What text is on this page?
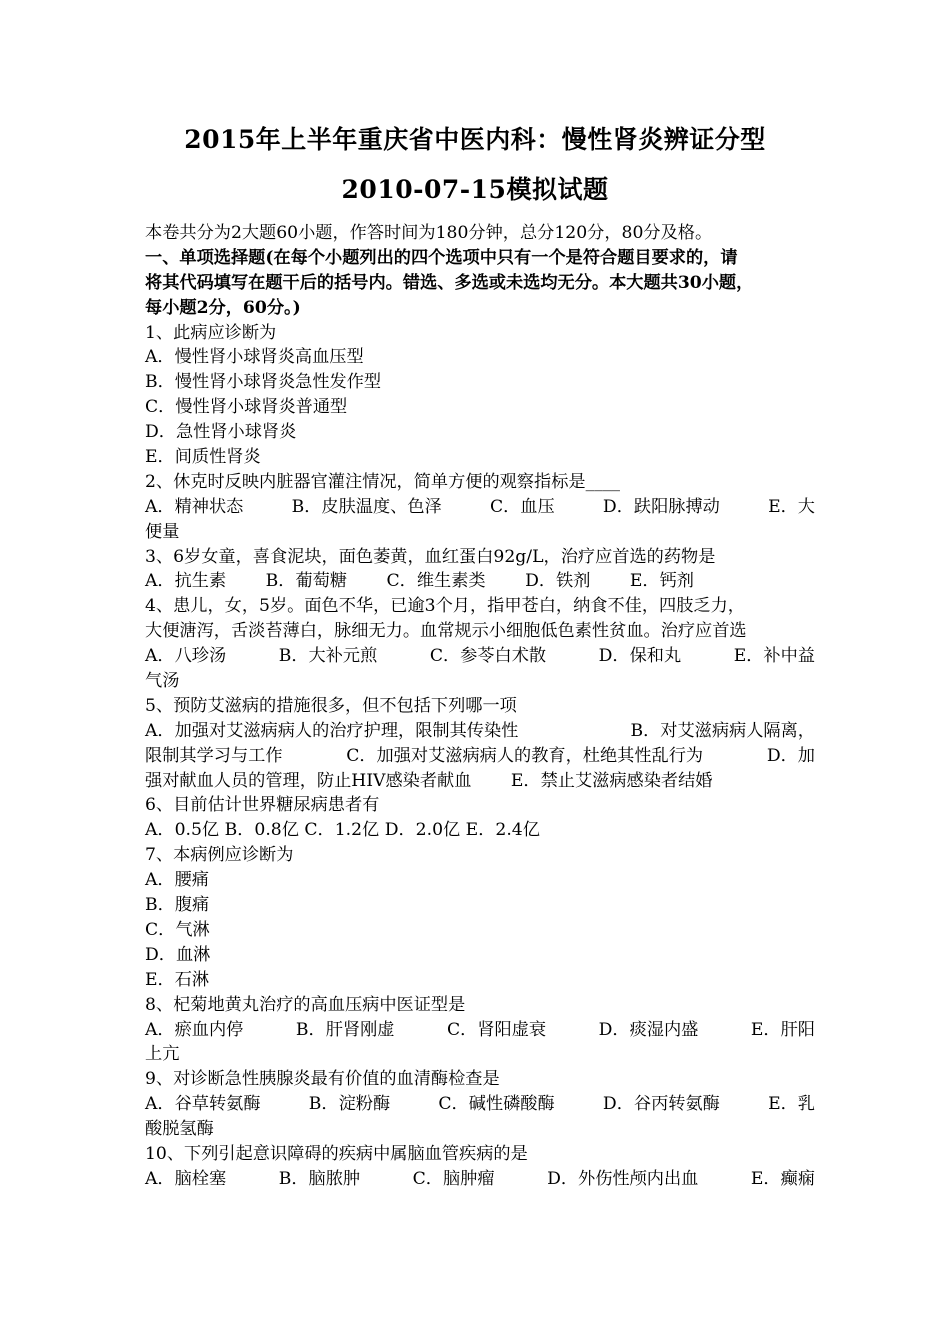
2015年上半年重庆省中医内科：慢性肾炎辨证分型
2010-07-15模拟试题
本卷共分为2大题60小题，作答时间为180分钟，总分120分，80分及格。
一、单项选择题(在每个小题列出的四个选项中只有一个是符合题目要求的，请
将其代码填写在题干后的括号内。错选、多选或未选均无分。本大题共30小题，
每小题2分，60分。)
1、此病应诊断为
A．慢性肾小球肾炎高血压型
B．慢性肾小球肾炎急性发作型
C．慢性肾小球肾炎普通型
D．急性肾小球肾炎
E．间质性肾炎
2、休克时反映内脏器官灌注情况，简单方便的观察指标是____
A．精神状态	B．皮肤温度、色泽	C．血压	D．趺阳脉搏动	E．大
便量
3、6岁女童，喜食泥块，面色萎黄，血红蛋白92g/L，治疗应首选的药物是
A．抗生素 B．葡萄糖 C．维生素类 D．铁剂 E．钙剂
4、患儿，女，5岁。面色不华，已逾3个月，指甲苍白，纳食不佳，四肢乏力，
大便溏泻，舌淡苔薄白，脉细无力。血常规示小细胞低色素性贫血。治疗应首选
A．八珍汤	B．大补元煎	C．参苓白术散	D．保和丸	E．补中益
气汤
5、预防艾滋病的措施很多，但不包括下列哪一项
A．加强对艾滋病病人的治疗护理，限制其传染性	B．对艾滋病病人隔离，
限制其学习与工作	C．加强对艾滋病病人的教育，杜绝其性乱行为	D．加
强对献血人员的管理，防止HIV感染者献血 E．禁止艾滋病感染者结婚
6、目前估计世界糖尿病患者有
A．0.5亿 B．0.8亿 C．1.2亿 D．2.0亿 E．2.4亿
7、本病例应诊断为
A．腰痛
B．腹痛
C．气淋
D．血淋
E．石淋
8、杞菊地黄丸治疗的高血压病中医证型是
A．瘀血内停	B．肝肾刚虚	C．肾阳虚衰	D．痰湿内盛	E．肝阳
上亢
9、对诊断急性胰腺炎最有价值的血清酶检查是
A．谷草转氨酶	B．淀粉酶	C．碱性磷酸酶	D．谷丙转氨酶	E．乳
酸脱氢酶
10、下列引起意识障碍的疾病中属脑血管疾病的是
A．脑栓塞	B．脑脓肿	C．脑肿瘤	D．外伤性颅内出血	E．癫痫
